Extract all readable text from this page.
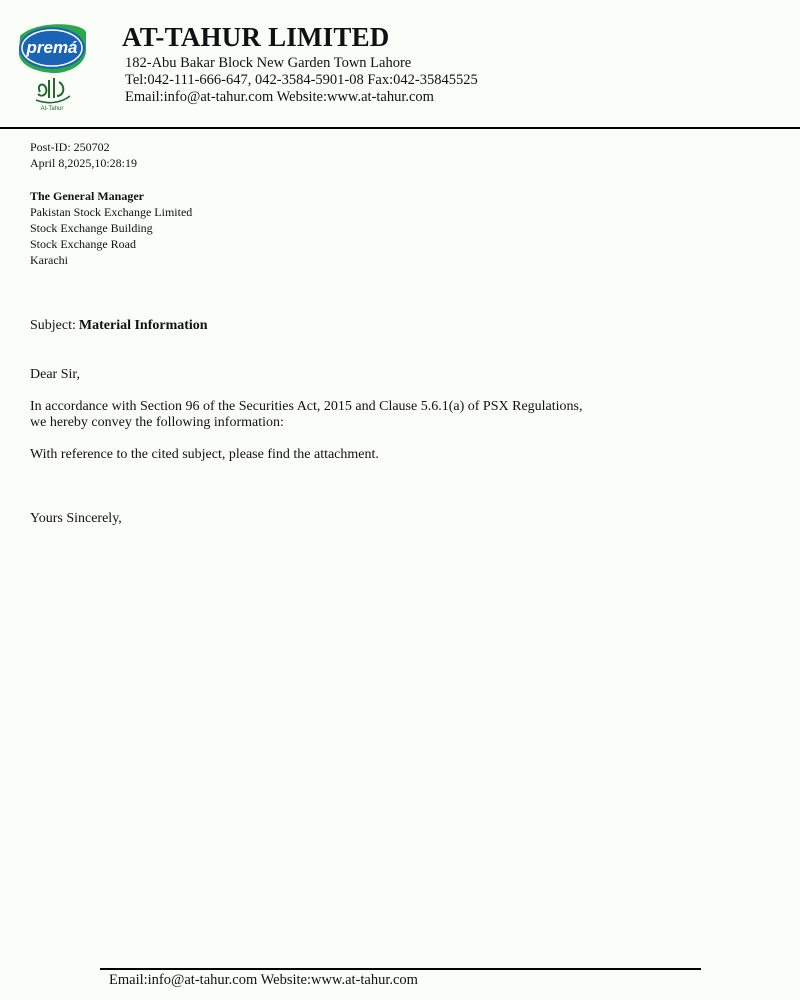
premá
At-Tahur
AT-TAHUR LIMITED
182-Abu Bakar Block New Garden Town Lahore
Tel:042-111-666-647, 042-3584-5901-08 Fax:042-35845525
Email:info@at-tahur.com Website:www.at-tahur.com
Post-ID: 250702
April 8,2025,10:28:19
The General Manager
Pakistan Stock Exchange Limited
Stock Exchange Building
Stock Exchange Road
Karachi
Subject: Material Information
Dear Sir,
In accordance with Section 96 of the Securities Act, 2015 and Clause 5.6.1(a) of PSX Regulations,
we hereby convey the following information:
With reference to the cited subject, please find the attachment.
Yours Sincerely,
Email:info@at-tahur.com Website:www.at-tahur.com
